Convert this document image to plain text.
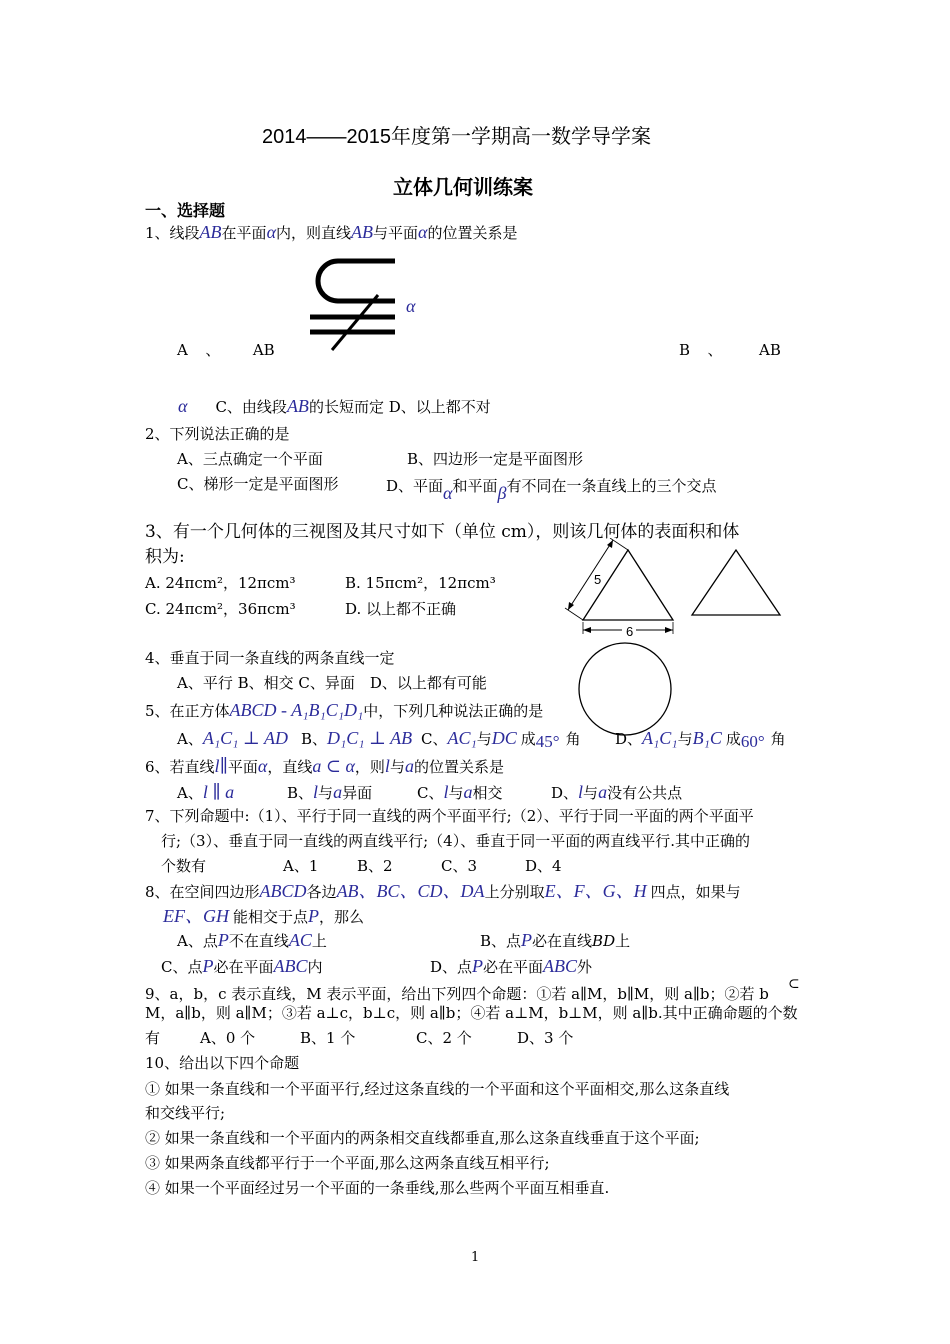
2014——2015年度第一学期高一数学导学案
立体几何训练案
一、选择题
1、线段AB在平面α内，则直线AB与平面α的位置关系是
α
A 、 AB	B 、 AB
α C、由线段AB的长短而定 D、以上都不对
2、下列说法正确的是
A、三点确定一个平面	B、四边形一定是平面图形
C、梯形一定是平面图形	D、平面α和平面β有不同在一条直线上的三个交点
3、有一个几何体的三视图及其尺寸如下（单位 cm），则该几何体的表面积和体
积为:
A. 24πcm²，12πcm³	B. 15πcm²，12πcm³
C. 24πcm²，36πcm³	D. 以上都不正确
5
6
4、垂直于同一条直线的两条直线一定
A、平行 B、相交 C、异面　D、以上都有可能
5、在正方体ABCD - A₁B₁C₁D₁中，下列几种说法正确的是
A、A₁C₁ ⊥ AD B、D₁C₁ ⊥ AB C、AC₁与DC 成45° 角 D、A₁C₁与B₁C 成60° 角
6、若直线l∥平面α，直线a ⊂ α，则l与a的位置关系是
A、l ∥ a	B、l与a异面	C、l与a相交	D、l与a没有公共点
7、下列命题中:（1）、平行于同一直线的两个平面平行;（2）、平行于同一平面的两个平面平
行;（3）、垂直于同一直线的两直线平行;（4）、垂直于同一平面的两直线平行.其中正确的
个数有	A、1	B、2	C、3	D、4
8、在空间四边形ABCD各边AB、BC、CD、DA上分别取E、F、G、H 四点，如果与
EF、GH 能相交于点P，那么
A、点P不在直线AC上	B、点P必在直线BD上
C、点P必在平面ABC内	D、点P必在平面ABC外
9、a，b，c 表示直线，M 表示平面，给出下列四个命题：①若 a∥M，b∥M，则 a∥b；②若 b
⊂
M，a∥b，则 a∥M；③若 a⊥c，b⊥c，则 a∥b；④若 a⊥M，b⊥M，则 a∥b.其中正确命题的个数
有	A、0 个	B、1 个	C、2 个	D、3 个
10、给出以下四个命题
① 如果一条直线和一个平面平行,经过这条直线的一个平面和这个平面相交,那么这条直线
和交线平行;
② 如果一条直线和一个平面内的两条相交直线都垂直,那么这条直线垂直于这个平面;
③ 如果两条直线都平行于一个平面,那么这两条直线互相平行;
④ 如果一个平面经过另一个平面的一条垂线,那么些两个平面互相垂直.
1
